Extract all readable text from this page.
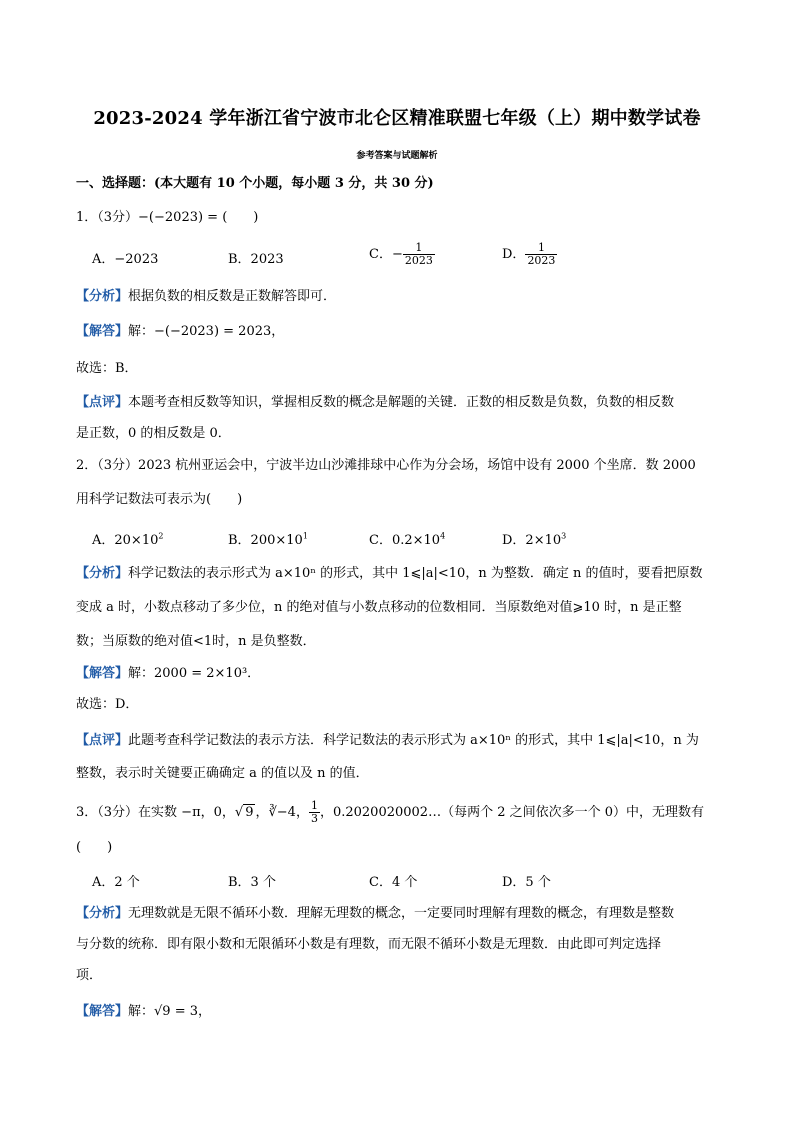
2023-2024 学年浙江省宁波市北仑区精准联盟七年级（上）期中数学试卷
参考答案与试题解析
一、选择题：(本大题有 10 个小题，每小题 3 分，共 30 分)
1．（3分）−(−2023) = (　　)
A．−2023	B．2023	C．− $\frac{1}{2023}$	D． $\frac{1}{2023}$
【分析】根据负数的相反数是正数解答即可．
【解答】解：−(−2023) = 2023，
故选：B．
【点评】本题考查相反数等知识，掌握相反数的概念是解题的关键．正数的相反数是负数，负数的相反数
是正数，0 的相反数是 0．
2．（3分）2023 杭州亚运会中，宁波半边山沙滩排球中心作为分会场，场馆中设有 2000 个坐席．数 2000
用科学记数法可表示为(　　)
A．$20\times 10^2$	B．$200\times 10^1$	C．$0.2\times 10^4$	D．$2\times 10^3$
【分析】科学记数法的表示形式为 a×10ⁿ 的形式，其中 1⩽|a|<10，n 为整数．确定 n 的值时，要看把原数
变成 a 时，小数点移动了多少位，n 的绝对值与小数点移动的位数相同．当原数绝对值⩾10 时，n 是正整
数；当原数的绝对值<1时，n 是负整数．
【解答】解：2000 = 2×10³．
故选：D．
【点评】此题考查科学记数法的表示方法．科学记数法的表示形式为 a×10ⁿ 的形式，其中 1⩽|a|<10，n 为
整数，表示时关键要正确确定 a 的值以及 n 的值．
3．（3分）在实数 −π，0，√ 9 ，∛−4， $\frac{1}{3}$ ，0.2020020002…（每两个 2 之间依次多一个 0）中，无理数有
(　　)
A．2 个	B．3 个	C．4 个	D．5 个
【分析】无理数就是无限不循环小数．理解无理数的概念，一定要同时理解有理数的概念，有理数是整数
与分数的统称．即有限小数和无限循环小数是有理数，而无限不循环小数是无理数．由此即可判定选择
项．
【解答】解：√9 = 3，
